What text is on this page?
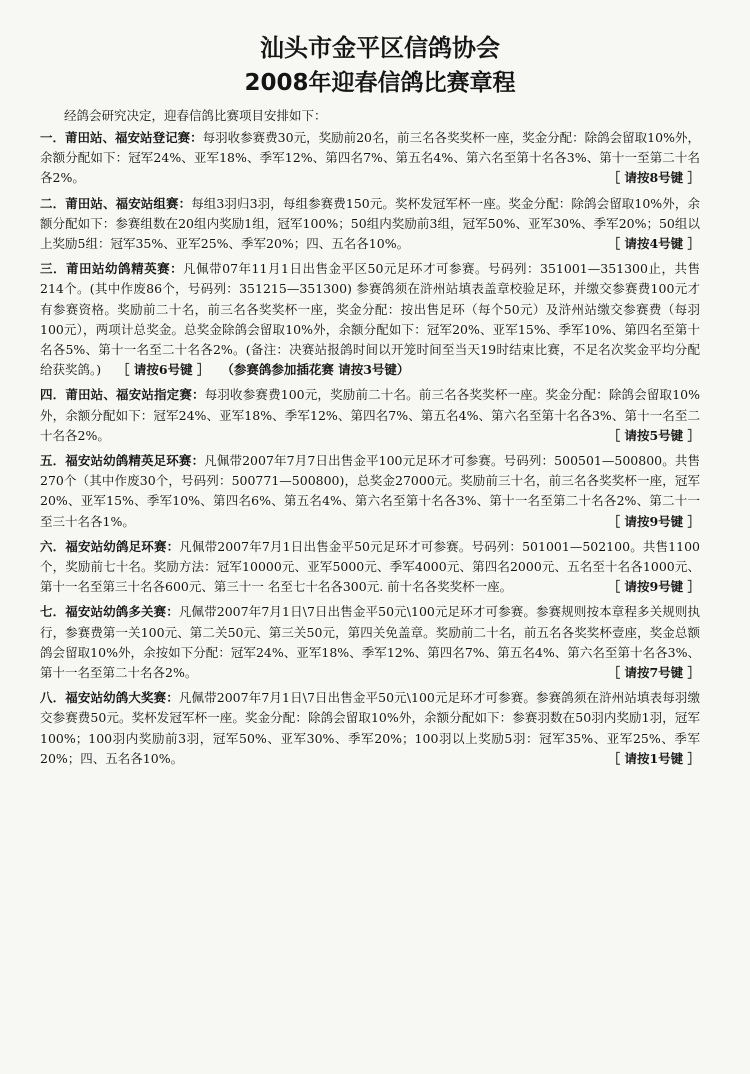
汕头市金平区信鸽协会
2008年迎春信鸽比赛章程

经鸽会研究决定，迎春信鸽比赛项目安排如下：

一．莆田站、福安站登记赛：每羽收参赛费30元，奖励前20名，前三名各奖奖杯一座，奖金分配：除鸽会留取10%外，余额分配如下：冠军24%、亚军18%、季军12%、第四名7%、第五名4%、第六名至第十名各3%、第十一至第二十名各2%。	［ 请按8号键 ］
二．莆田站、福安站组赛：每组3羽归3羽，每组参赛费150元。奖杯发冠军杯一座。奖金分配：除鸽会留取10%外，余额分配如下：参赛组数在20组内奖励1组，冠军100%；50组内奖励前3组，冠军50%、亚军30%、季军20%；50组以上奖励5组：冠军35%、亚军25%、季军20%；四、五名各10%。	［ 请按4号键 ］
三．莆田站幼鸽精英赛：凡佩带07年11月1日出售金平区50元足环才可参赛。号码列：351001—351300止，共售214个。(其中作废86个，号码列：351215—351300) 参赛鸽须在浒州站填表盖章校验足环，并缴交参赛费100元才有参赛资格。奖励前二十名，前三名各奖奖杯一座，奖金分配：按出售足环（每个50元）及浒州站缴交参赛费（每羽100元），两项计总奖金。总奖金除鸽会留取10%外，余额分配如下：冠军20%、亚军15%、季军10%、第四名至第十名各5%、第十一名至二十名各2%。(备注：决赛站报鸽时间以开笼时间至当天19时结束比赛，不足名次奖金平均分配给获奖鸽。) ［ 请按6号键 ］ （参赛鸽参加插花赛 请按3号键）
四．莆田站、福安站指定赛：每羽收参赛费100元，奖励前二十名。前三名各奖奖杯一座。奖金分配：除鸽会留取10%外，余额分配如下：冠军24%、亚军18%、季军12%、第四名7%、第五名4%、第六名至第十名各3%、第十一名至二十名各2%。	［ 请按5号键 ］
五．福安站幼鸽精英足环赛：凡佩带2007年7月7日出售金平100元足环才可参赛。号码列：500501—500800。共售270个（其中作废30个，号码列：500771—500800)，总奖金27000元。奖励前三十名，前三名各奖奖杯一座，冠军20%、亚军15%、季军10%、第四名6%、第五名4%、第六名至第十名各3%、第十一名至第二十名各2%、第二十一至三十名各1%。	［ 请按9号键 ］
六．福安站幼鸽足环赛：凡佩带2007年7月1日出售金平50元足环才可参赛。号码列：501001—502100。共售1100个，奖励前七十名。奖励方法：冠军10000元、亚军5000元、季军4000元、第四名2000元、五名至十名各1000元、第十一名至第三十名各600元、第三十一 名至七十名各300元. 前十名各奖奖杯一座。	［ 请按9号键 ］
七．福安站幼鸽多关赛：凡佩带2007年7月1日\7日出售金平50元\100元足环才可参赛。参赛规则按本章程多关规则执行，参赛费第一关100元、第二关50元、第三关50元，第四关免盖章。奖励前二十名，前五名各奖奖杯壹座，奖金总额鸽会留取10%外，余按如下分配：冠军24%、亚军18%、季军12%、第四名7%、第五名4%、第六名至第十名各3%、第十一名至第二十名各2%。	［ 请按7号键 ］
八．福安站幼鸽大奖赛：凡佩带2007年7月1日\7日出售金平50元\100元足环才可参赛。参赛鸽须在浒州站填表每羽缴交参赛费50元。奖杯发冠军杯一座。奖金分配：除鸽会留取10%外，余额分配如下：参赛羽数在50羽内奖励1羽，冠军100%；100羽内奖励前3羽，冠军50%、亚军30%、季军20%；100羽以上奖励5羽：冠军35%、亚军25%、季军20%；四、五名各10%。	［ 请按1号键 ］
